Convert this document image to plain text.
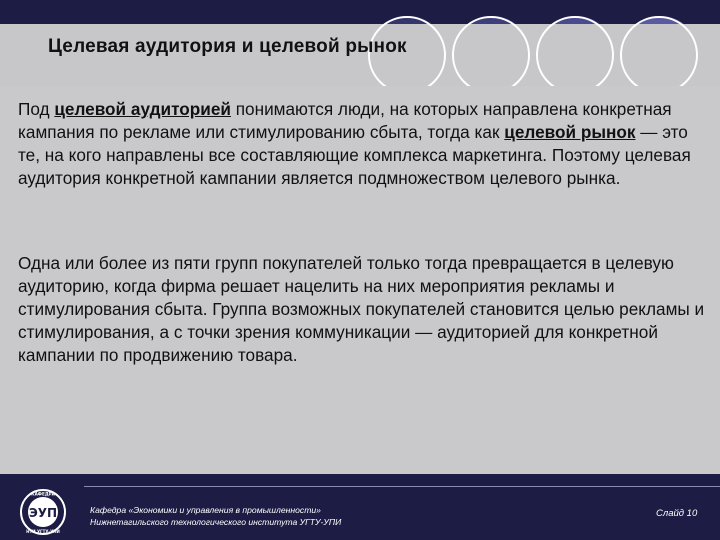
Целевая аудитория и целевой рынок

Под целевой аудиторией понимаются люди, на которых направлена конкретная кампания по рекламе или стимулированию сбыта, тогда как целевой рынок — это те, на кого направлены все составляющие комплекса маркетинга. Поэтому целевая аудитория конкретной кампании является подмножеством целевого рынка.

Одна или более из пяти групп покупателей только тогда превращается в целевую аудиторию, когда фирма решает нацелить на них мероприятия рекламы и стимулирования сбыта. Группа возможных покупателей становится целью рекламы и стимулирования, а с точки зрения коммуникации — аудиторией для конкретной кампании по продвижению товара.

ЭУП
КАФЕДРА
НТИ УГТУ-УПИ

Кафедра «Экономики и управления в промышленности»
Нижнетагильского технологического института УГТУ-УПИ

Слайд 10
